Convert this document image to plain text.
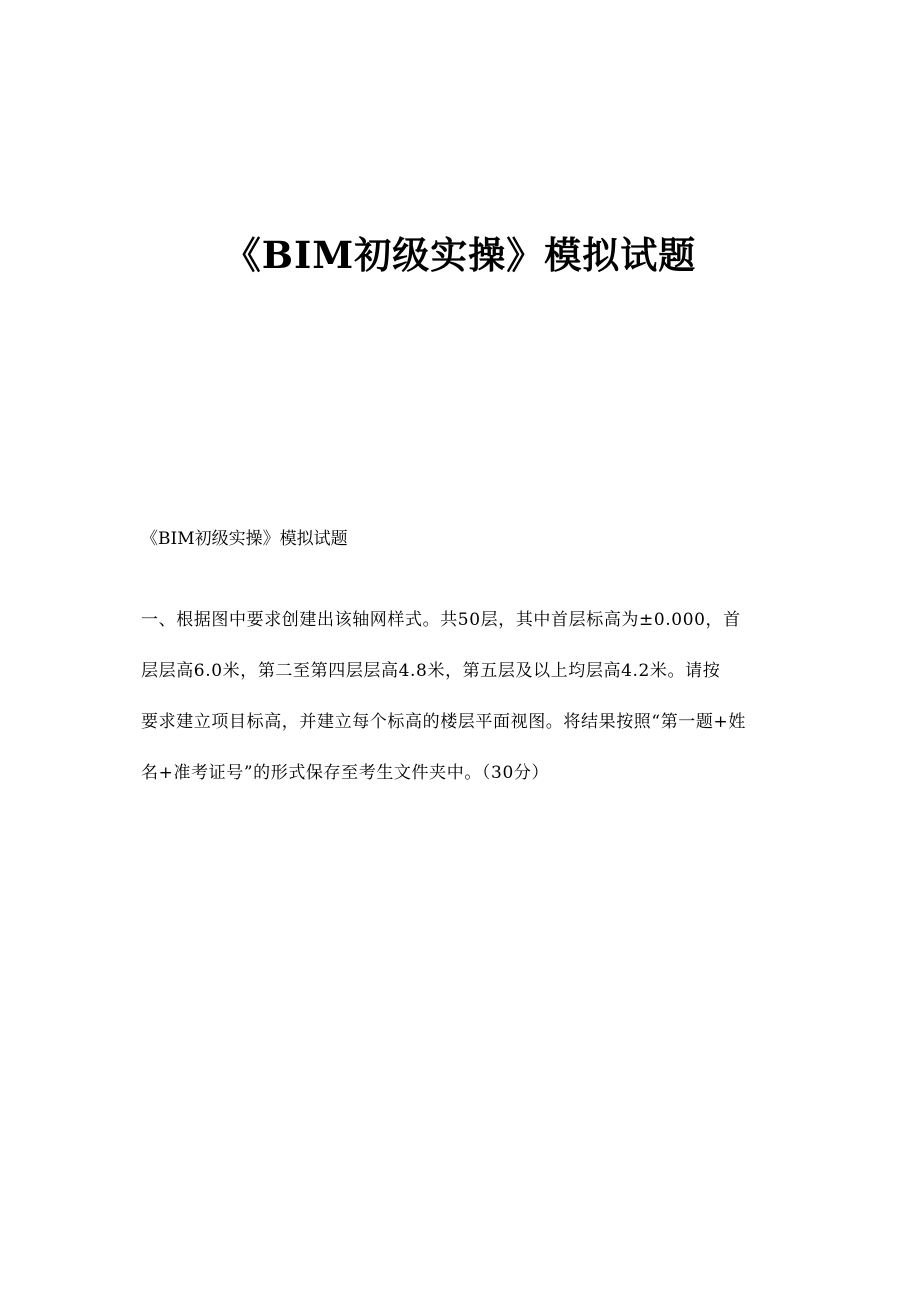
《BIM初级实操》模拟试题
《BIM初级实操》模拟试题
一、根据图中要求创建出该轴网样式。共50层，其中首层标高为±0.000，首
层层高6.0米，第二至第四层层高4.8米，第五层及以上均层高4.2米。请按
要求建立项目标高，并建立每个标高的楼层平面视图。将结果按照“第一题+姓
名+准考证号”的形式保存至考生文件夹中。（30分）
